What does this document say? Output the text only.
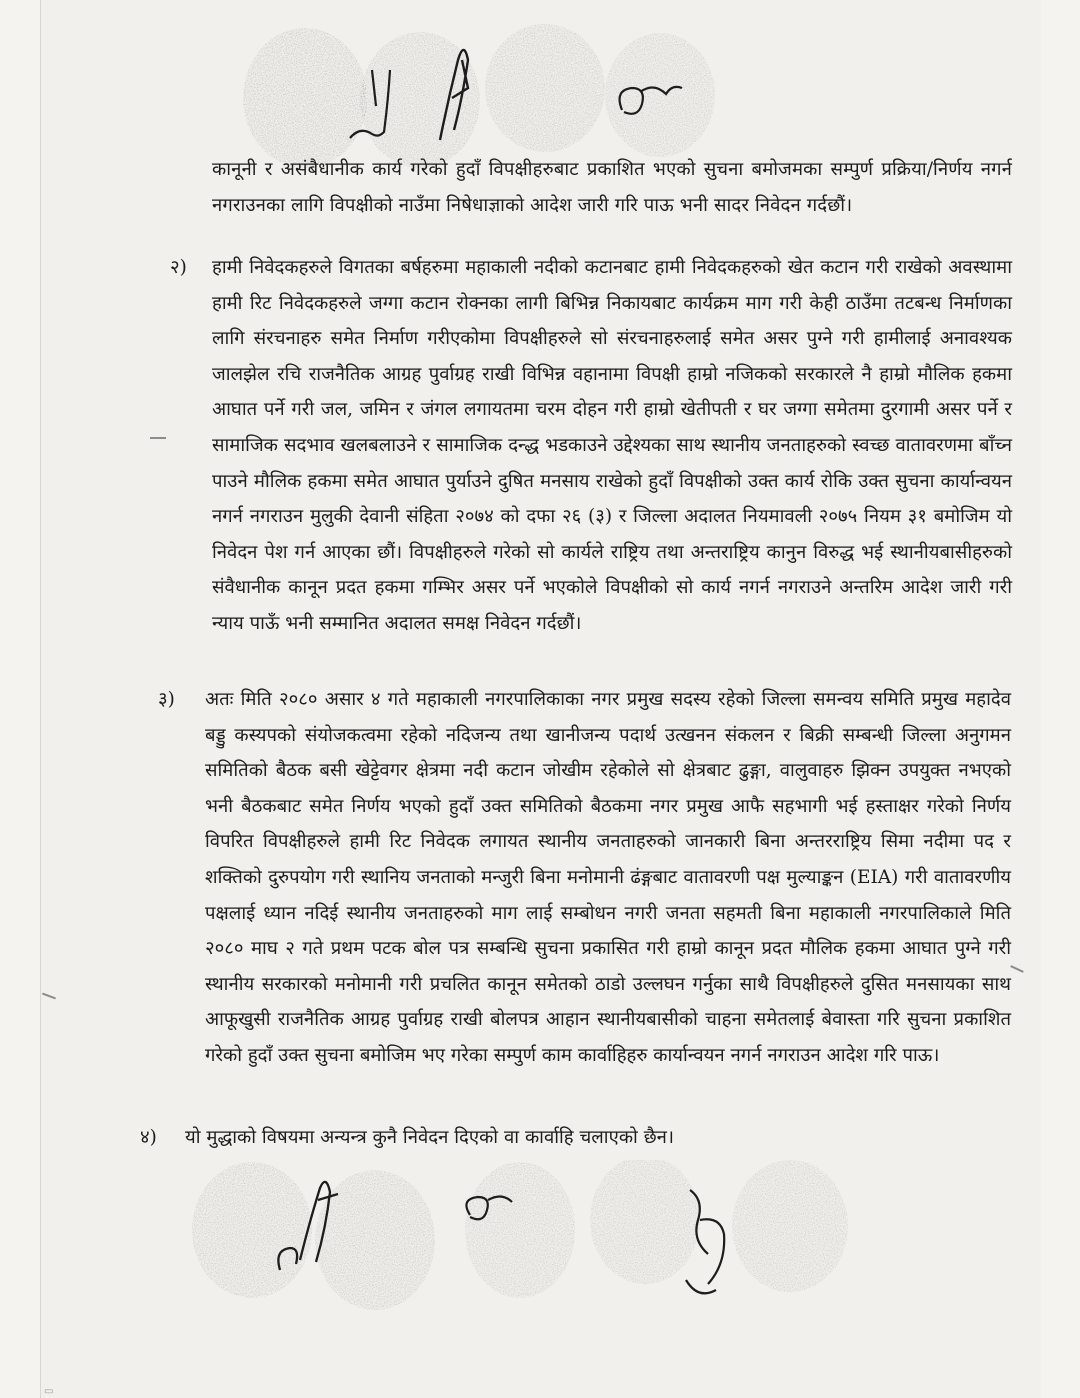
कानूनी र असंबैधानीक कार्य गरेको हुदाँ विपक्षीहरुबाट प्रकाशित भएको सुचना बमोजमका सम्पुर्ण प्रक्रिया/निर्णय नगर्न नगराउनका लागि विपक्षीको नाउँमा निषेधाज्ञाको आदेश जारी गरि पाऊ भनी सादर निवेदन गर्दछौं।
२) हामी निवेदकहरुले विगतका बर्षहरुमा महाकाली नदीको कटानबाट हामी निवेदकहरुको खेत कटान गरी राखेको अवस्थामा हामी रिट निवेदकहरुले जग्गा कटान रोक्नका लागी बिभिन्न निकायबाट कार्यक्रम माग गरी केही ठाउँमा तटबन्ध निर्माणका लागि संरचनाहरु समेत निर्माण गरीएकोमा विपक्षीहरुले सो संरचनाहरुलाई समेत असर पुग्ने गरी हामीलाई अनावश्यक जालझेल रचि राजनैतिक आग्रह पुर्वाग्रह राखी विभिन्न वहानामा विपक्षी हाम्रो नजिकको सरकारले नै हाम्रो मौलिक हकमा आघात पर्ने गरी जल, जमिन र जंगल लगायतमा चरम दोहन गरी हाम्रो खेतीपती र घर जग्गा समेतमा दुरगामी असर पर्ने र सामाजिक सदभाव खलबलाउने र सामाजिक दन्द्ध भडकाउने उद्देश्यका साथ स्थानीय जनताहरुको स्वच्छ वातावरणमा बाँच्न पाउने मौलिक हकमा समेत आघात पुर्याउने दुषित मनसाय राखेको हुदाँ विपक्षीको उक्त कार्य रोकि उक्त सुचना कार्यान्वयन नगर्न नगराउन मुलुकी देवानी संहिता २०७४ को दफा २६ (३) र जिल्ला अदालत नियमावली २०७५ नियम ३१ बमोजिम यो निवेदन पेश गर्न आएका छौं। विपक्षीहरुले गरेको सो कार्यले राष्ट्रिय तथा अन्तराष्ट्रिय कानुन विरुद्ध भई स्थानीयबासीहरुको संवैधानीक कानून प्रदत हकमा गम्भिर असर पर्ने भएकोले विपक्षीको सो कार्य नगर्न नगराउने अन्तरिम आदेश जारी गरी न्याय पाऊँ भनी सम्मानित अदालत समक्ष निवेदन गर्दछौं।
३) अतः मिति २०८० असार ४ गते महाकाली नगरपालिकाका नगर प्रमुख सदस्य रहेको जिल्ला समन्वय समिति प्रमुख महादेव बड्डु कस्यपको संयोजकत्वमा रहेको नदिजन्य तथा खानीजन्य पदार्थ उत्खनन संकलन र बिक्री सम्बन्धी जिल्ला अनुगमन समितिको बैठक बसी खेट्टेवगर क्षेत्रमा नदी कटान जोखीम रहेकोले सो क्षेत्रबाट ढुङ्गा, वालुवाहरु झिक्न उपयुक्त नभएको भनी बैठकबाट समेत निर्णय भएको हुदाँ उक्त समितिको बैठकमा नगर प्रमुख आफै सहभागी भई हस्ताक्षर गरेको निर्णय विपरित विपक्षीहरुले हामी रिट निवेदक लगायत स्थानीय जनताहरुको जानकारी बिना अन्तरराष्ट्रिय सिमा नदीमा पद र शक्तिको दुरुपयोग गरी स्थानिय जनताको मन्जुरी बिना मनोमानी ढंङ्गबाट वातावरणी पक्ष मुल्याङ्कन (EIA) गरी वातावरणीय पक्षलाई ध्यान नदिई स्थानीय जनताहरुको माग लाई सम्बोधन नगरी जनता सहमती बिना महाकाली नगरपालिकाले मिति २०८० माघ २ गते प्रथम पटक बोल पत्र सम्बन्धि सुचना प्रकासित गरी हाम्रो कानून प्रदत मौलिक हकमा आघात पुग्ने गरी स्थानीय सरकारको मनोमानी गरी प्रचलित कानून समेतको ठाडो उल्लघन गर्नुका साथै विपक्षीहरुले दुसित मनसायका साथ आफूखुसी राजनैतिक आग्रह पुर्वाग्रह राखी बोलपत्र आहान स्थानीयबासीको चाहना समेतलाई बेवास्ता गरि सुचना प्रकाशित गरेको हुदाँ उक्त सुचना बमोजिम भए गरेका सम्पुर्ण काम कार्वाहिहरु कार्यान्वयन नगर्न नगराउन आदेश गरि पाऊ।
४) यो मुद्धाको विषयमा अन्यन्त्र कुनै निवेदन दिएको वा कार्वाहि चलाएको छैन।
▭
